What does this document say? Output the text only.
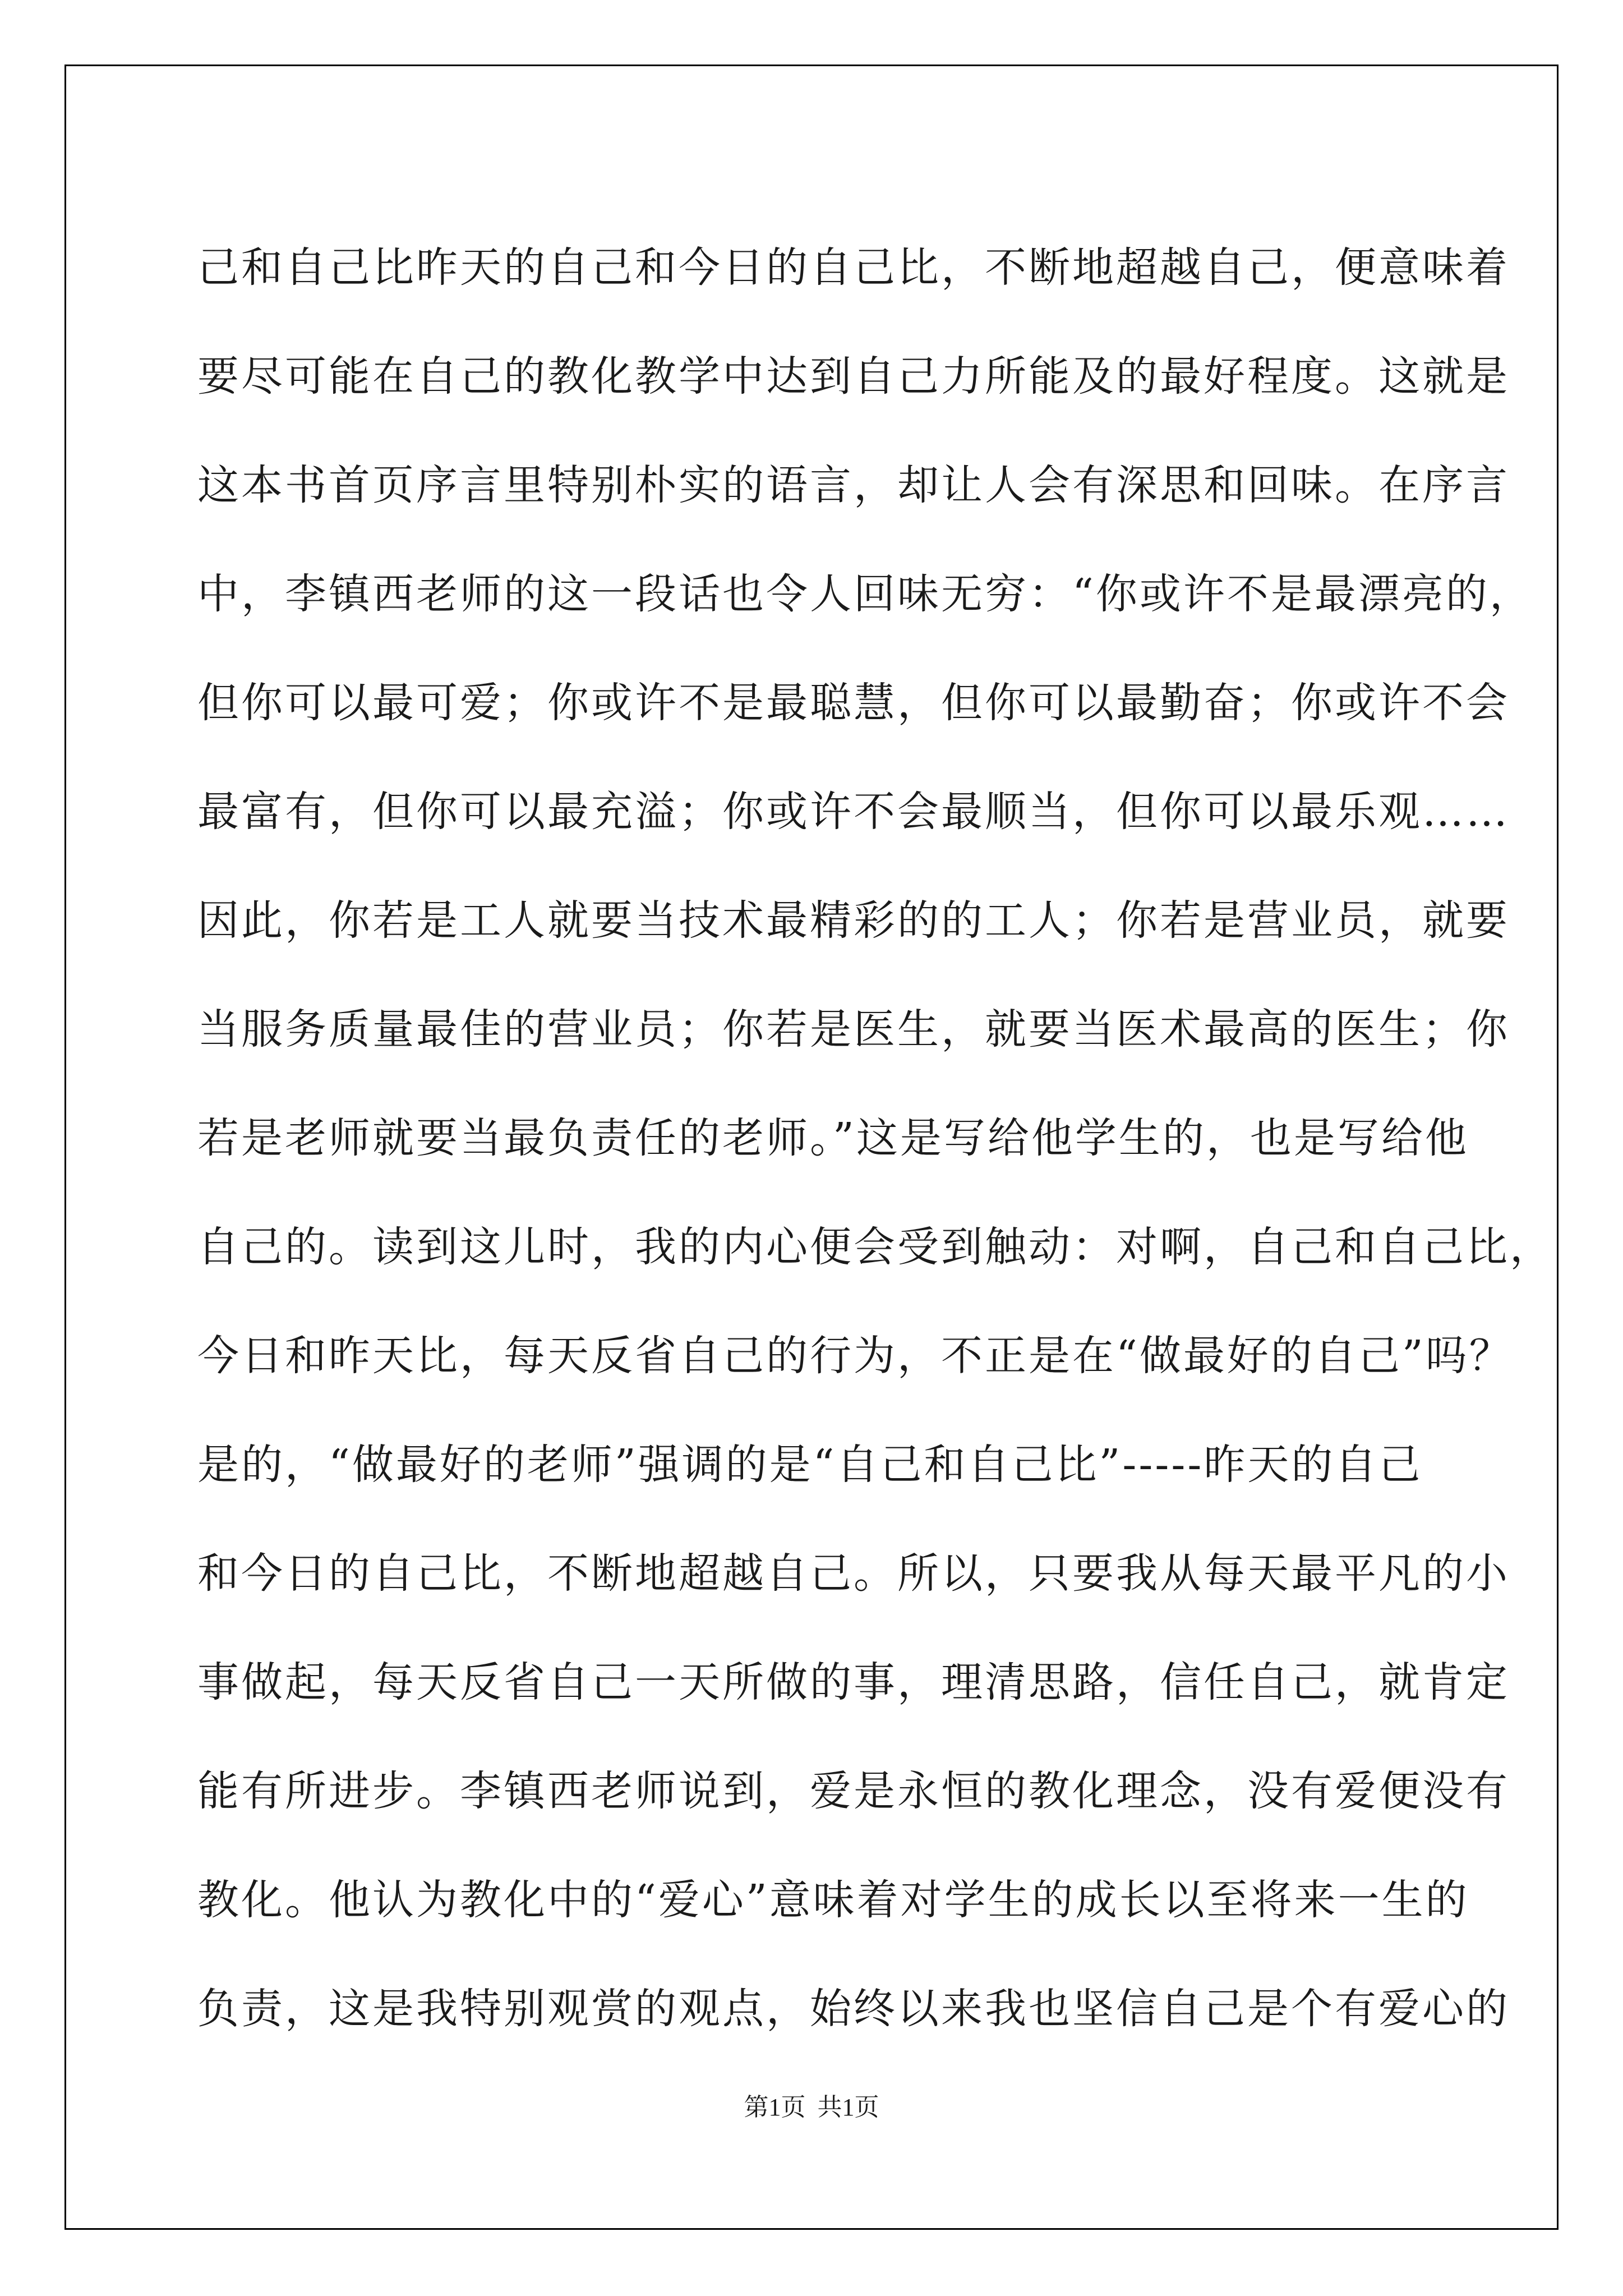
己和自己比昨天的自己和今日的自己比，不断地超越自己，便意味着
要尽可能在自己的教化教学中达到自己力所能及的最好程度。这就是
这本书首页序言里特别朴实的语言，却让人会有深思和回味。在序言
中，李镇西老师的这一段话也令人回味无穷：“你或许不是最漂亮的，
但你可以最可爱；你或许不是最聪慧，但你可以最勤奋；你或许不会
最富有，但你可以最充溢；你或许不会最顺当，但你可以最乐观……
因此，你若是工人就要当技术最精彩的的工人；你若是营业员，就要
当服务质量最佳的营业员；你若是医生，就要当医术最高的医生；你
若是老师就要当最负责任的老师。”这是写给他学生的，也是写给他
自己的。读到这儿时，我的内心便会受到触动：对啊，自己和自己比，
今日和昨天比，每天反省自己的行为，不正是在“做最好的自己”吗？
是的，“做最好的老师”强调的是“自己和自己比”-----昨天的自己
和今日的自己比，不断地超越自己。所以，只要我从每天最平凡的小
事做起，每天反省自己一天所做的事，理清思路，信任自己，就肯定
能有所进步。李镇西老师说到，爱是永恒的教化理念，没有爱便没有
教化。他认为教化中的“爱心”意味着对学生的成长以至将来一生的
负责，这是我特别观赏的观点，始终以来我也坚信自己是个有爱心的
第1页 共1页
